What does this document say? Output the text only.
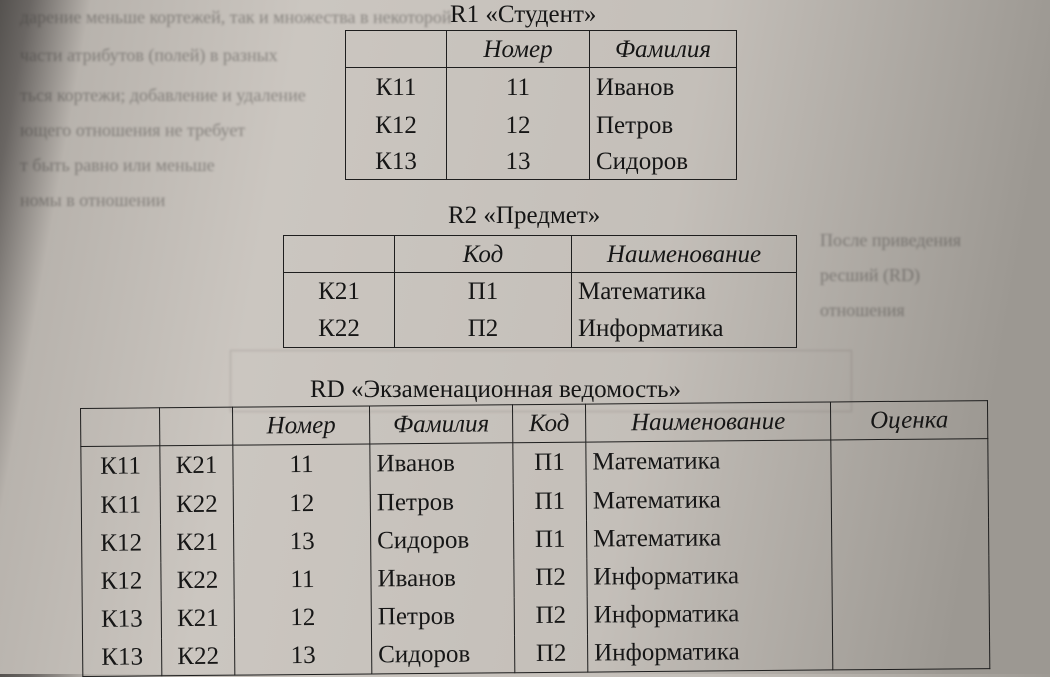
дарение меньше кортежей, так и множества в некоторой
части атрибутов (полей) в разных
ться кортежи; добавление и удаление
ющего отношения не требует
т быть равно или меньше
номы в отношении
После приведения
ресший (RD)
отношения
R1 «Студент»
	Номер	Фамилия
К11	11	Иванов
К12	12	Петров
К13	13	Сидоров
R2 «Предмет»
	Код	Наименование
К21	П1	Математика
К22	П2	Информатика
RD «Экзаменационная ведомость»
		Номер	Фамилия	Код	Наименование	Оценка
К11	К21	11	Иванов	П1	Математика	
К11	К22	12	Петров	П1	Математика	
К12	К21	13	Сидоров	П1	Математика	
К12	К22	11	Иванов	П2	Информатика	
К13	К21	12	Петров	П2	Информатика	
К13	К22	13	Сидоров	П2	Информатика	
